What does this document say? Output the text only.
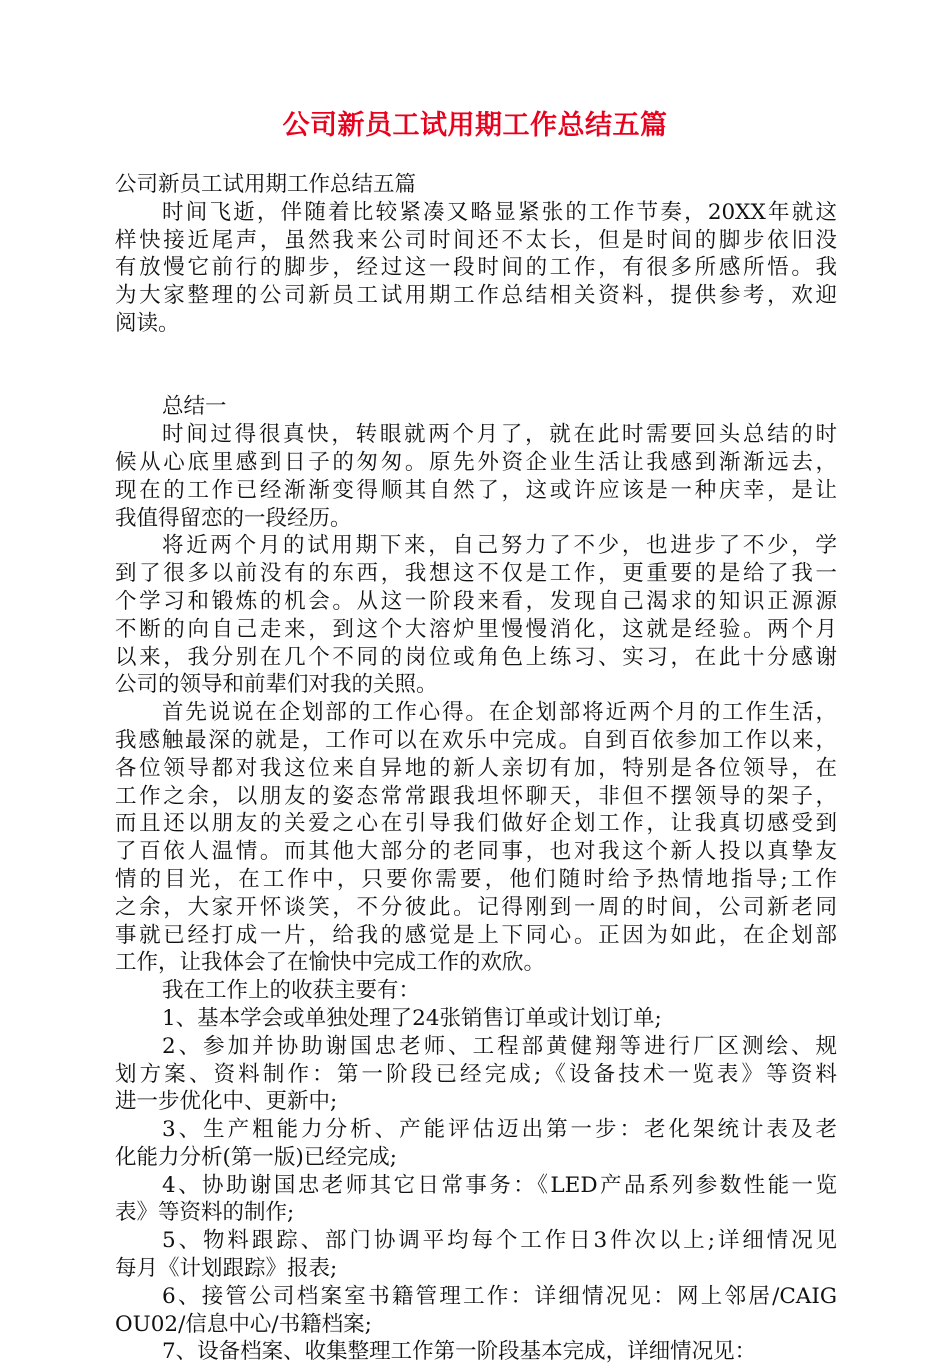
公司新员工试用期工作总结五篇
公司新员工试用期工作总结五篇
时间飞逝，伴随着比较紧凑又略显紧张的工作节奏，20XX年就这
样快接近尾声，虽然我来公司时间还不太长，但是时间的脚步依旧没
有放慢它前行的脚步，经过这一段时间的工作，有很多所感所悟。我
为大家整理的公司新员工试用期工作总结相关资料，提供参考，欢迎
阅读。
总结一
时间过得很真快，转眼就两个月了，就在此时需要回头总结的时
候从心底里感到日子的匆匆。原先外资企业生活让我感到渐渐远去，
现在的工作已经渐渐变得顺其自然了，这或许应该是一种庆幸，是让
我值得留恋的一段经历。
将近两个月的试用期下来，自己努力了不少，也进步了不少，学
到了很多以前没有的东西，我想这不仅是工作，更重要的是给了我一
个学习和锻炼的机会。从这一阶段来看，发现自己渴求的知识正源源
不断的向自己走来，到这个大溶炉里慢慢消化，这就是经验。两个月
以来，我分别在几个不同的岗位或角色上练习、实习，在此十分感谢
公司的领导和前辈们对我的关照。
首先说说在企划部的工作心得。在企划部将近两个月的工作生活，
我感触最深的就是，工作可以在欢乐中完成。自到百依参加工作以来，
各位领导都对我这位来自异地的新人亲切有加，特别是各位领导，在
工作之余，以朋友的姿态常常跟我坦怀聊天，非但不摆领导的架子，
而且还以朋友的关爱之心在引导我们做好企划工作，让我真切感受到
了百依人温情。而其他大部分的老同事，也对我这个新人投以真挚友
情的目光，在工作中，只要你需要，他们随时给予热情地指导;工作
之余，大家开怀谈笑，不分彼此。记得刚到一周的时间，公司新老同
事就已经打成一片，给我的感觉是上下同心。正因为如此，在企划部
工作，让我体会了在愉快中完成工作的欢欣。
我在工作上的收获主要有：
1、基本学会或单独处理了24张销售订单或计划订单;
2、参加并协助谢国忠老师、工程部黄健翔等进行厂区测绘、规
划方案、资料制作：第一阶段已经完成;《设备技术一览表》等资料
进一步优化中、更新中;
3、生产粗能力分析、产能评估迈出第一步：老化架统计表及老
化能力分析(第一版)已经完成;
4、协助谢国忠老师其它日常事务：《LED产品系列参数性能一览
表》等资料的制作;
5、物料跟踪、部门协调平均每个工作日3件次以上;详细情况见
每月《计划跟踪》报表;
6、接管公司档案室书籍管理工作：详细情况见：网上邻居/CAIG
OU02/信息中心/书籍档案;
7、设备档案、收集整理工作第一阶段基本完成，详细情况见：
